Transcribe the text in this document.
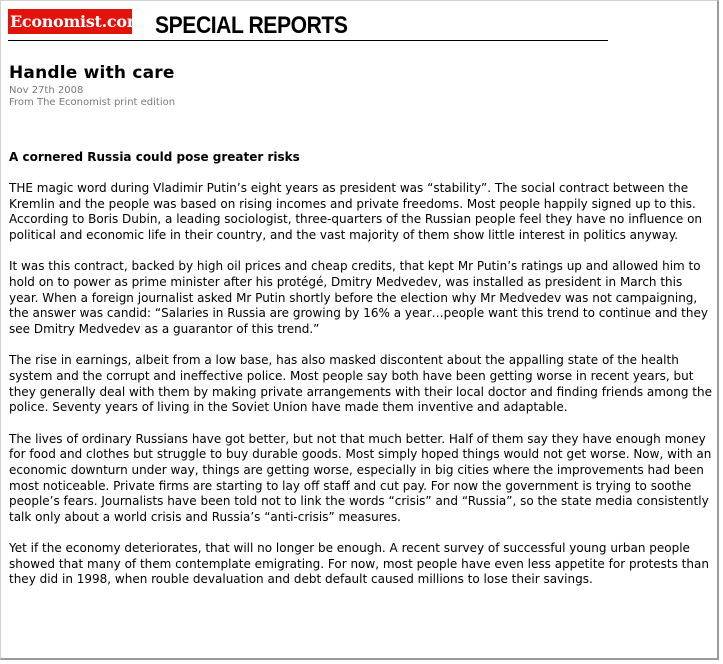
Economist.com SPECIAL REPORTS
Handle with care
Nov 27th 2008
From The Economist print edition
A cornered Russia could pose greater risks

THE magic word during Vladimir Putin’s eight years as president was “stability”. The social contract between the Kremlin and the people was based on rising incomes and private freedoms. Most people happily signed up to this. According to Boris Dubin, a leading sociologist, three-quarters of the Russian people feel they have no influence on political and economic life in their country, and the vast majority of them show little interest in politics anyway.

It was this contract, backed by high oil prices and cheap credits, that kept Mr Putin’s ratings up and allowed him to hold on to power as prime minister after his protégé, Dmitry Medvedev, was installed as president in March this year. When a foreign journalist asked Mr Putin shortly before the election why Mr Medvedev was not campaigning, the answer was candid: “Salaries in Russia are growing by 16% a year…people want this trend to continue and they see Dmitry Medvedev as a guarantor of this trend.”

The rise in earnings, albeit from a low base, has also masked discontent about the appalling state of the health system and the corrupt and ineffective police. Most people say both have been getting worse in recent years, but they generally deal with them by making private arrangements with their local doctor and finding friends among the police. Seventy years of living in the Soviet Union have made them inventive and adaptable.

The lives of ordinary Russians have got better, but not that much better. Half of them say they have enough money for food and clothes but struggle to buy durable goods. Most simply hoped things would not get worse. Now, with an economic downturn under way, things are getting worse, especially in big cities where the improvements had been most noticeable. Private firms are starting to lay off staff and cut pay. For now the government is trying to soothe people’s fears. Journalists have been told not to link the words “crisis” and “Russia”, so the state media consistently talk only about a world crisis and Russia’s “anti-crisis” measures.

Yet if the economy deteriorates, that will no longer be enough. A recent survey of successful young urban people showed that many of them contemplate emigrating. For now, most people have even less appetite for protests than they did in 1998, when rouble devaluation and debt default caused millions to lose their savings.
